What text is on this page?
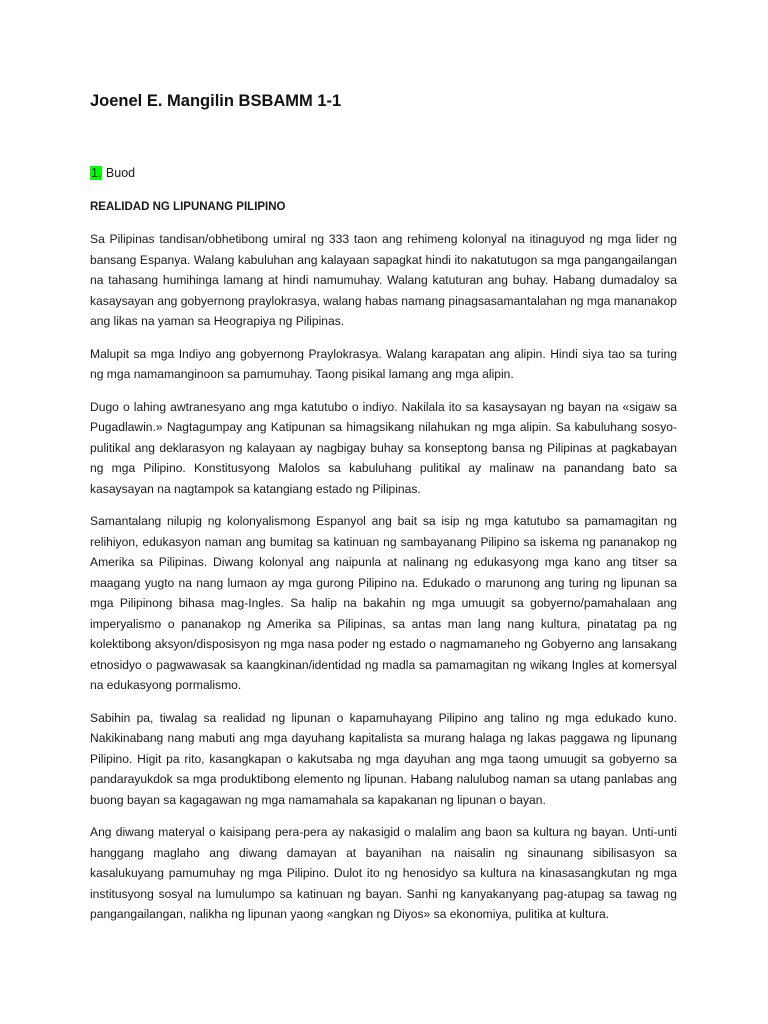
Joenel E. Mangilin BSBAMM 1-1
1. Buod
REALIDAD NG LIPUNANG PILIPINO

Sa Pilipinas tandisan/obhetibong umiral ng 333 taon ang rehimeng kolonyal na itinaguyod ng mga lider ng bansang Espanya. Walang kabuluhan ang kalayaan sapagkat hindi ito nakatutugon sa mga pangangailangan na tahasang humihinga lamang at hindi namumuhay. Walang katuturan ang buhay. Habang dumadaloy sa kasaysayan ang gobyernong praylokrasya, walang habas namang pinagsasamantalahan ng mga mananakop ang likas na yaman sa Heograpiya ng Pilipinas.

Malupit sa mga Indiyo ang gobyernong Praylokrasya. Walang karapatan ang alipin. Hindi siya tao sa turing ng mga namamanginoon sa pamumuhay. Taong pisikal lamang ang mga alipin.

Dugo o lahing awtranesyano ang mga katutubo o indiyo. Nakilala ito sa kasaysayan ng bayan na «sigaw sa Pugadlawin.» Nagtagumpay ang Katipunan sa himagsikang nilahukan ng mga alipin. Sa kabuluhang sosyo-pulitikal ang deklarasyon ng kalayaan ay nagbigay buhay sa konseptong bansa ng Pilipinas at pagkabayan ng mga Pilipino. Konstitusyong Malolos sa kabuluhang pulitikal ay malinaw na panandang bato sa kasaysayan na nagtampok sa katangiang estado ng Pilipinas.

Samantalang nilupig ng kolonyalismong Espanyol ang bait sa isip ng mga katutubo sa pamamagitan ng relihiyon, edukasyon naman ang bumitag sa katinuan ng sambayanang Pilipino sa iskema ng pananakop ng Amerika sa Pilipinas. Diwang kolonyal ang naipunla at nalinang ng edukasyong mga kano ang titser sa maagang yugto na nang lumaon ay mga gurong Pilipino na. Edukado o marunong ang turing ng lipunan sa mga Pilipinong bihasa mag-Ingles. Sa halip na bakahin ng mga umuugit sa gobyerno/pamahalaan ang imperyalismo o pananakop ng Amerika sa Pilipinas, sa antas man lang nang kultura, pinatatag pa ng kolektibong aksyon/disposisyon ng mga nasa poder ng estado o nagmamaneho ng Gobyerno ang lansakang etnosidyo o pagwawasak sa kaangkinan/identidad ng madla sa pamamagitan ng wikang Ingles at komersyal na edukasyong pormalismo.

Sabihin pa, tiwalag sa realidad ng lipunan o kapamuhayang Pilipino ang talino ng mga edukado kuno. Nakikinabang nang mabuti ang mga dayuhang kapitalista sa murang halaga ng lakas paggawa ng lipunang Pilipino. Higit pa rito, kasangkapan o kakutsaba ng mga dayuhan ang mga taong umuugit sa gobyerno sa pandarayukdok sa mga produktibong elemento ng lipunan. Habang nalulubog naman sa utang panlabas ang buong bayan sa kagagawan ng mga namamahala sa kapakanan ng lipunan o bayan.

Ang diwang materyal o kaisipang pera-pera ay nakasigid o malalim ang baon sa kultura ng bayan. Unti-unti hanggang maglaho ang diwang damayan at bayanihan na naisalin ng sinaunang sibilisasyon sa kasalukuyang pamumuhay ng mga Pilipino. Dulot ito ng henosidyo sa kultura na kinasasangkutan ng mga institusyong sosyal na lumulumpo sa katinuan ng bayan. Sanhi ng kanyakanyang pag-atupag sa tawag ng pangangailangan, nalikha ng lipunan yaong «angkan ng Diyos» sa ekonomiya, pulitika at kultura.
